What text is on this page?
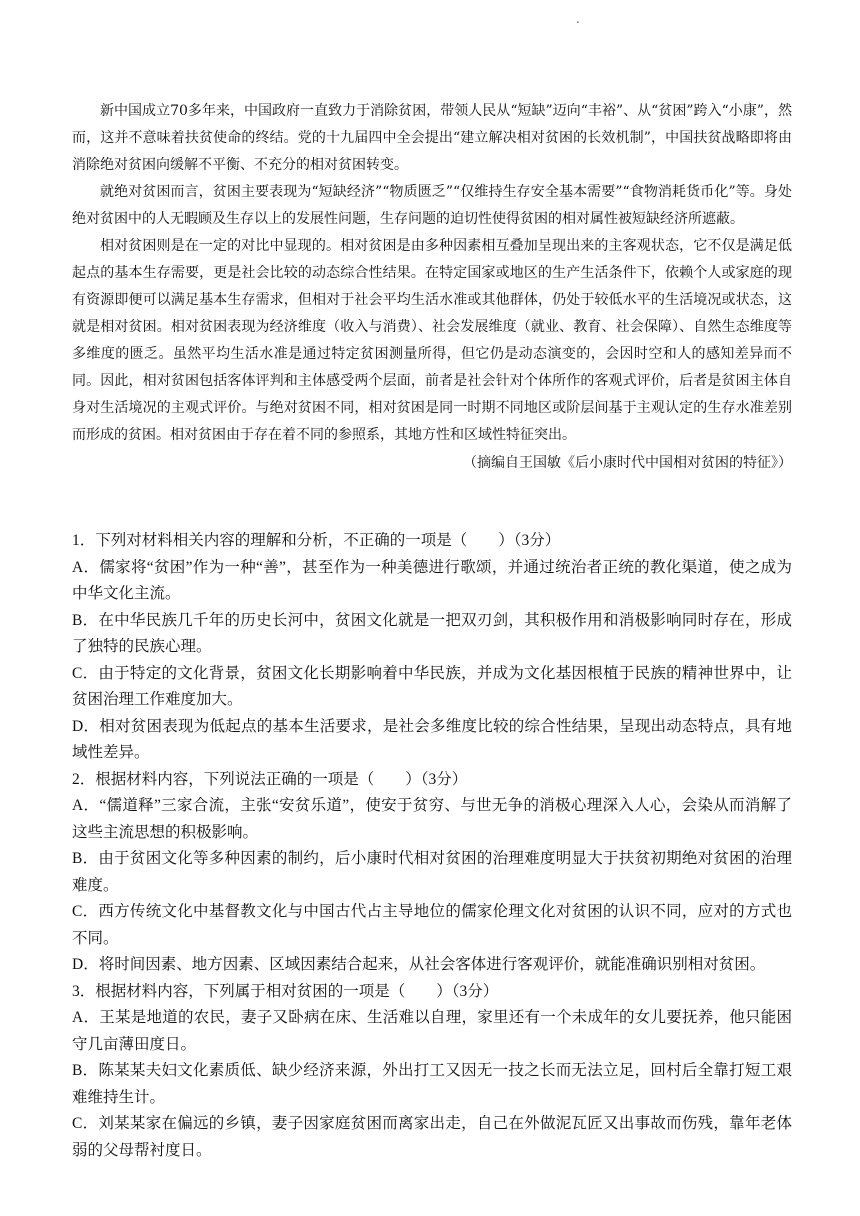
.

新中国成立70多年来，中国政府一直致力于消除贫困，带领人民从“短缺”迈向“丰裕”、从“贫困”跨入“小康”，然而，这并不意味着扶贫使命的终结。党的十九届四中全会提出“建立解决相对贫困的长效机制”，中国扶贫战略即将由消除绝对贫困向缓解不平衡、不充分的相对贫困转变。

就绝对贫困而言，贫困主要表现为“短缺经济”“物质匮乏”“仅维持生存安全基本需要”“食物消耗货币化”等。身处绝对贫困中的人无暇顾及生存以上的发展性问题，生存问题的迫切性使得贫困的相对属性被短缺经济所遮蔽。

相对贫困则是在一定的对比中显现的。相对贫困是由多种因素相互叠加呈现出来的主客观状态，它不仅是满足低起点的基本生存需要，更是社会比较的动态综合性结果。在特定国家或地区的生产生活条件下，依赖个人或家庭的现有资源即便可以满足基本生存需求，但相对于社会平均生活水准或其他群体，仍处于较低水平的生活境况或状态，这就是相对贫困。相对贫困表现为经济维度（收入与消费）、社会发展维度（就业、教育、社会保障）、自然生态维度等多维度的匮乏。虽然平均生活水准是通过特定贫困测量所得，但它仍是动态演变的，会因时空和人的感知差异而不同。因此，相对贫困包括客体评判和主体感受两个层面，前者是社会针对个体所作的客观式评价，后者是贫困主体自身对生活境况的主观式评价。与绝对贫困不同，相对贫困是同一时期不同地区或阶层间基于主观认定的生存水准差别而形成的贫困。相对贫困由于存在着不同的参照系，其地方性和区域性特征突出。

（摘编自王国敏《后小康时代中国相对贫困的特征》）

1．下列对材料相关内容的理解和分析，不正确的一项是（　　）（3分）

A．儒家将“贫困”作为一种“善”，甚至作为一种美德进行歌颂，并通过统治者正统的教化渠道，使之成为中华文化主流。

B．在中华民族几千年的历史长河中，贫困文化就是一把双刃剑，其积极作用和消极影响同时存在，形成了独特的民族心理。

C．由于特定的文化背景，贫困文化长期影响着中华民族，并成为文化基因根植于民族的精神世界中，让贫困治理工作难度加大。

D．相对贫困表现为低起点的基本生活要求，是社会多维度比较的综合性结果，呈现出动态特点，具有地域性差异。

2．根据材料内容，下列说法正确的一项是（　　）（3分）

A．“儒道释”三家合流，主张“安贫乐道”，使安于贫穷、与世无争的消极心理深入人心，会染从而消解了这些主流思想的积极影响。

B．由于贫困文化等多种因素的制约，后小康时代相对贫困的治理难度明显大于扶贫初期绝对贫困的治理难度。

C．西方传统文化中基督教文化与中国古代占主导地位的儒家伦理文化对贫困的认识不同，应对的方式也不同。

D．将时间因素、地方因素、区域因素结合起来，从社会客体进行客观评价，就能准确识别相对贫困。

3．根据材料内容，下列属于相对贫困的一项是（　　）（3分）

A．王某是地道的农民，妻子又卧病在床、生活难以自理，家里还有一个未成年的女儿要抚养，他只能困守几亩薄田度日。

B．陈某某夫妇文化素质低、缺少经济来源，外出打工又因无一技之长而无法立足，回村后全靠打短工艰难维持生计。

C．刘某某家在偏远的乡镇，妻子因家庭贫困而离家出走，自己在外做泥瓦匠又出事故而伤残，靠年老体弱的父母帮衬度日。
